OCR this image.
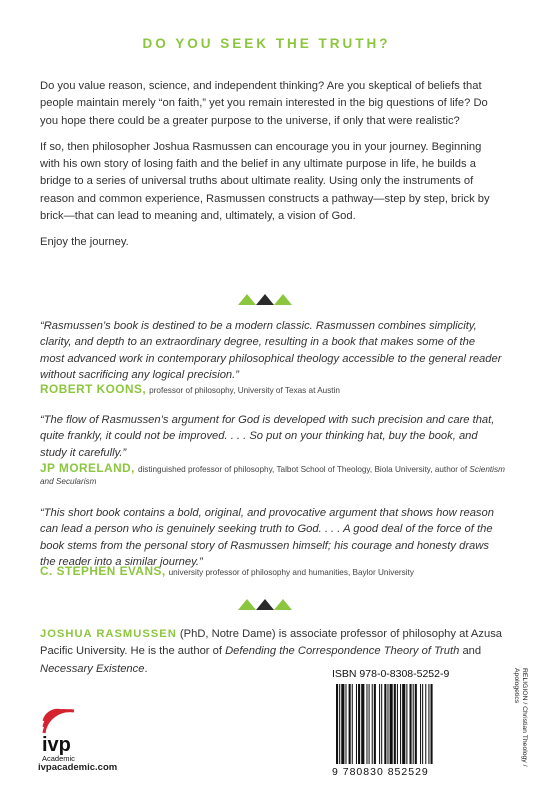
DO YOU SEEK THE TRUTH?

Do you value reason, science, and independent thinking? Are you skeptical of beliefs that people maintain merely “on faith,” yet you remain interested in the big questions of life? Do you hope there could be a greater purpose to the universe, if only that were realistic?

If so, then philosopher Joshua Rasmussen can encourage you in your journey. Beginning with his own story of losing faith and the belief in any ultimate purpose in life, he builds a bridge to a series of universal truths about ultimate reality. Using only the instruments of reason and common experience, Rasmussen constructs a pathway—step by step, brick by brick—that can lead to meaning and, ultimately, a vision of God.

Enjoy the journey.

“Rasmussen’s book is destined to be a modern classic. Rasmussen combines simplicity, clarity, and depth to an extraordinary degree, resulting in a book that makes some of the most advanced work in contemporary philosophical theology accessible to the general reader without sacrificing any logical precision.”

ROBERT KOONS, professor of philosophy, University of Texas at Austin

“The flow of Rasmussen’s argument for God is developed with such precision and care that, quite frankly, it could not be improved. . . . So put on your thinking hat, buy the book, and study it carefully.”

JP MORELAND, distinguished professor of philosophy, Talbot School of Theology, Biola University, author of Scientism and Secularism

“This short book contains a bold, original, and provocative argument that shows how reason can lead a person who is genuinely seeking truth to God. . . . A good deal of the force of the book stems from the personal story of Rasmussen himself; his courage and honesty draws the reader into a similar journey.”

C. STEPHEN EVANS, university professor of philosophy and humanities, Baylor University

JOSHUA RASMUSSEN (PhD, Notre Dame) is associate professor of philosophy at Azusa Pacific University. He is the author of Defending the Correspondence Theory of Truth and Necessary Existence.

ivp
Academic
ivpacademic.com
ISBN 978-0-8308-5252-9
9 780830 852529
RELIGION / Christian Theology / Apologetics
